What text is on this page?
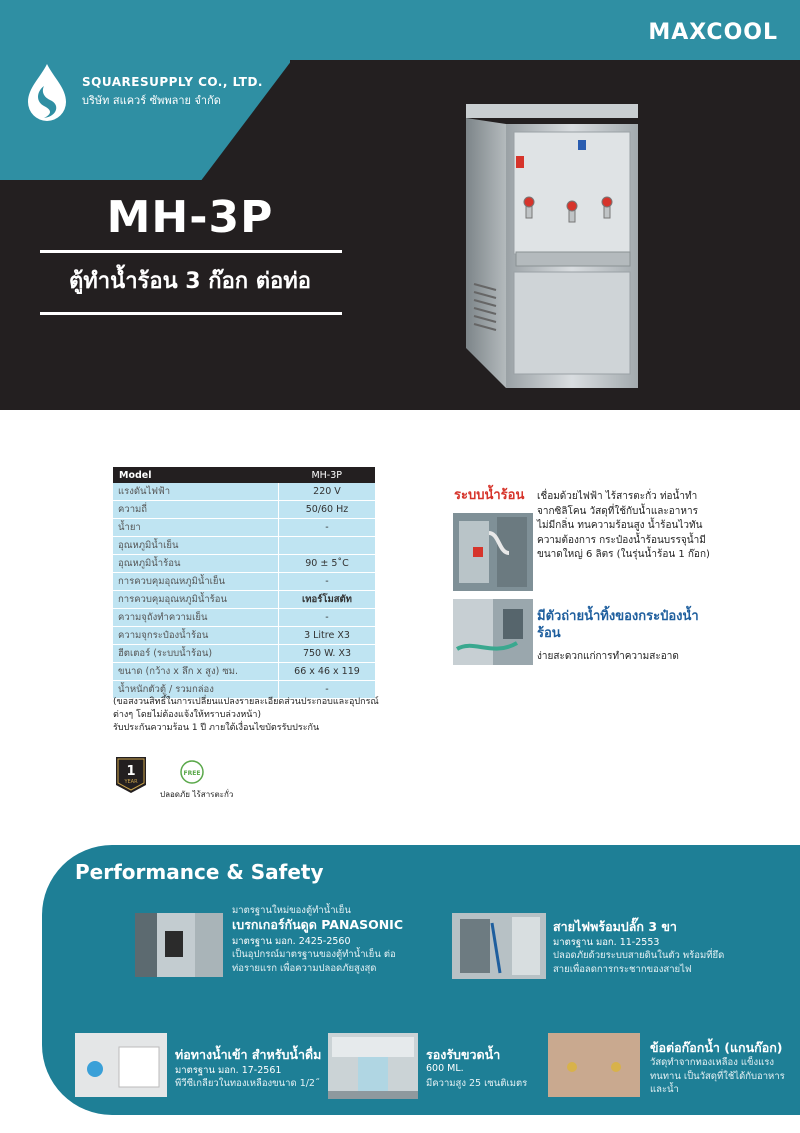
SQUARESUPPLY CO., LTD.
บริษัท สแควร์ ซัพพลาย จำกัด
MAXCOOL
MH-3P
ตู้ทำน้ำร้อน 3 ก๊อก ต่อท่อ
Model	MH-3P
แรงดันไฟฟ้า	220 V
ความถี่	50/60 Hz
น้ำยา	-
อุณหภูมิน้ำเย็น	
อุณหภูมิน้ำร้อน	90 ± 5˚C
การควบคุมอุณหภูมิน้ำเย็น	-
การควบคุมอุณหภูมิน้ำร้อน	เทอร์โมสตัท
ความจุถังทำความเย็น	-
ความจุกระป๋องน้ำร้อน	3 Litre X3
ฮีตเตอร์ (ระบบน้ำร้อน)	750 W. X3
ขนาด (กว้าง x ลึก x สูง) ซม.	66 x 46 x 119
น้ำหนักตัวตู้ / รวมกล่อง	-
(ขอสงวนสิทธิ์ในการเปลี่ยนแปลงรายละเอียดส่วนประกอบและอุปกรณ์
ต่างๆ โดยไม่ต้องแจ้งให้ทราบล่วงหน้า)
รับประกันความร้อน 1 ปี ภายใต้เงื่อนไขบัตรรับประกัน
1
YEAR
FREE
ปลอดภัย ไร้สารตะกั่ว
ระบบน้ำร้อน เชื่อมด้วยไฟฟ้า ไร้สารตะกั่ว ท่อน้ำทำจากซิลิโคน วัสดุที่ใช้กับน้ำและอาหาร ไม่มีกลิ่น ทนความร้อนสูง น้ำร้อนไวทันความต้องการ กระป๋องน้ำร้อนบรรจุน้ำมีขนาดใหญ่ 6 ลิตร (ในรุ่นน้ำร้อน 1 ก๊อก)
มีตัวถ่ายน้ำทิ้งของกระป๋องน้ำร้อน
ง่ายสะดวกแก่การทำความสะอาด
Performance & Safety
มาตรฐานใหม่ของตู้ทำน้ำเย็น
เบรกเกอร์กันดูด PANASONIC
มาตรฐาน มอก. 2425-2560
เป็นอุปกรณ์มาตรฐานของตู้ทำน้ำเย็น ต่อท่อรายแรก เพื่อความปลอดภัยสูงสุด
สายไฟพร้อมปลั๊ก 3 ขา
มาตรฐาน มอก. 11-2553
ปลอดภัยด้วยระบบสายดินในตัว พร้อมที่ยึดสายเพื่อลดการกระชากของสายไฟ
ท่อทางน้ำเข้า สำหรับน้ำดื่ม
มาตรฐาน มอก. 17-2561
พีวีซีเกลียวในทองเหลืองขนาด 1/2˝
รองรับขวดน้ำ
600 ML.
มีความสูง 25 เซนติเมตร
ข้อต่อก๊อกน้ำ (แกนก๊อก)
วัสดุทำจากทองเหลือง แข็งแรง ทนทาน เป็นวัสดุที่ใช้ได้กับอาหารและน้ำ
